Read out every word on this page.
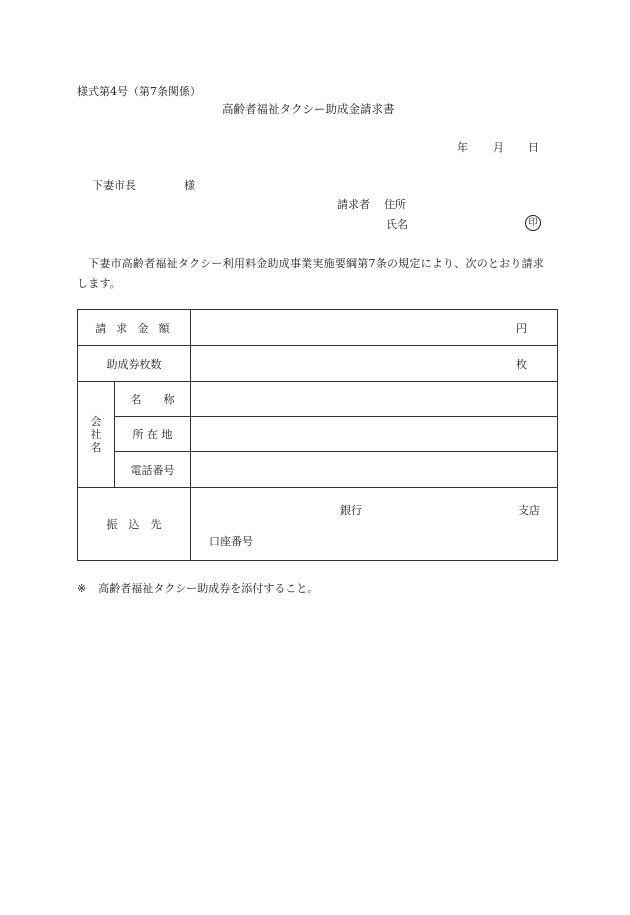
様式第4号（第7条関係）
高齢者福祉タクシー助成金請求書
年 月 日
下妻市長	様
請求者 住所
氏名	印
下妻市高齢者福祉タクシー利用料金助成事業実施要綱第7条の規定により、次のとおり請求します。
請 求 金 額		円
助成券枚数		枚

会
社
名	名　　称	
	所 在 地	
	電話番号	
振　込　先		銀行 支店
口座番号
※ 高齢者福祉タクシー助成券を添付すること。
